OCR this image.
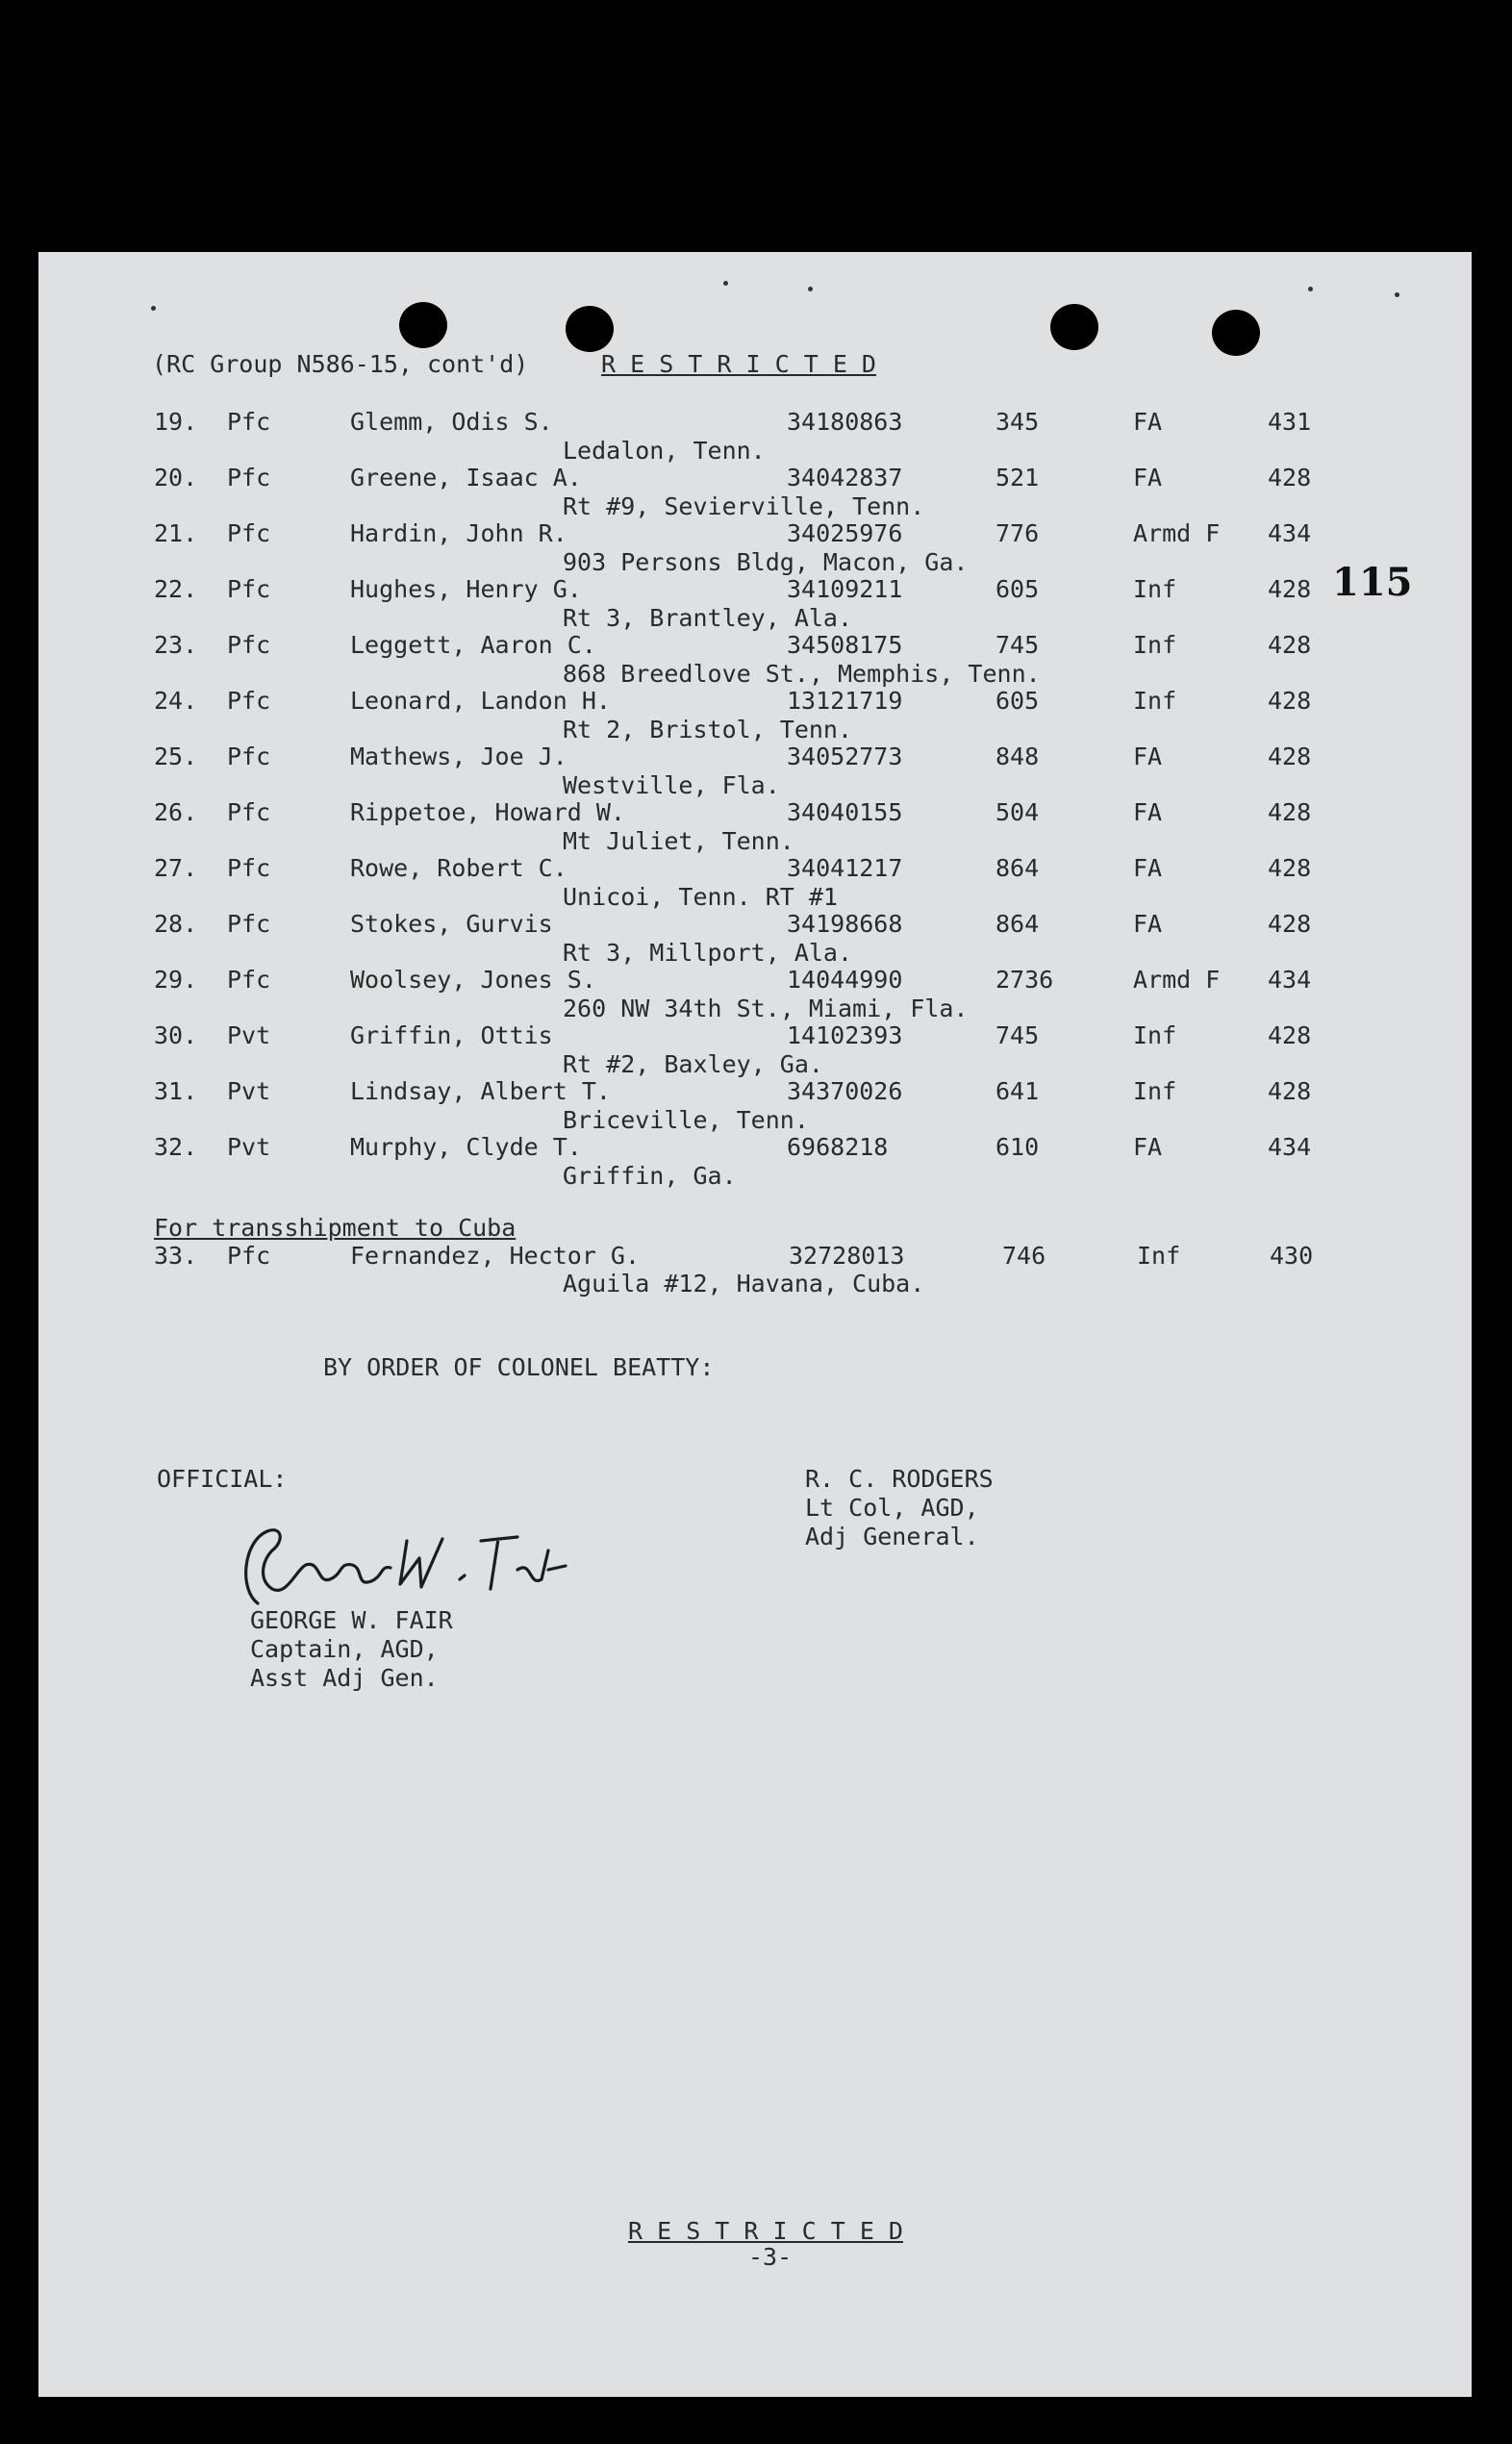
(RC Group N586-15, cont'd)	R E S T R I C T E D
115
19. Pfc	Glemm, Odis S.	34180863	345	FA	431
Ledalon, Tenn.
20. Pfc	Greene, Isaac A.	34042837	521	FA	428
Rt #9, Sevierville, Tenn.
21. Pfc	Hardin, John R.	34025976	776	Armd F 434
903 Persons Bldg, Macon, Ga.
22. Pfc	Hughes, Henry G.	34109211	605	Inf	428
Rt 3, Brantley, Ala.
23. Pfc	Leggett, Aaron C.	34508175	745	Inf	428
868 Breedlove St., Memphis, Tenn.
24. Pfc	Leonard, Landon H.	13121719	605	Inf	428
Rt 2, Bristol, Tenn.
25. Pfc	Mathews, Joe J.	34052773	848	FA	428
Westville, Fla.
26. Pfc	Rippetoe, Howard W.	34040155	504	FA	428
Mt Juliet, Tenn.
27. Pfc	Rowe, Robert C.	34041217	864	FA	428
Unicoi, Tenn. RT #1
28. Pfc	Stokes, Gurvis	34198668	864	FA	428
Rt 3, Millport, Ala.
29. Pfc	Woolsey, Jones S.	14044990	2736	Armd F 434
260 NW 34th St., Miami, Fla.
30. Pvt	Griffin, Ottis	14102393	745	Inf	428
Rt #2, Baxley, Ga.
31. Pvt	Lindsay, Albert T.	34370026	641	Inf	428
Briceville, Tenn.
32. Pvt	Murphy, Clyde T.	6968218	610	FA	434
Griffin, Ga.
For transshipment to Cuba
33. Pfc	Fernandez, Hector G.	32728013	746	Inf	430
Aguila #12, Havana, Cuba.
BY ORDER OF COLONEL BEATTY:
OFFICIAL:	R. C. RODGERS
Lt Col, AGD,
Adj General.
GEORGE W. FAIR
Captain, AGD,
Asst Adj Gen.
R E S T R I C T E D
-3-
